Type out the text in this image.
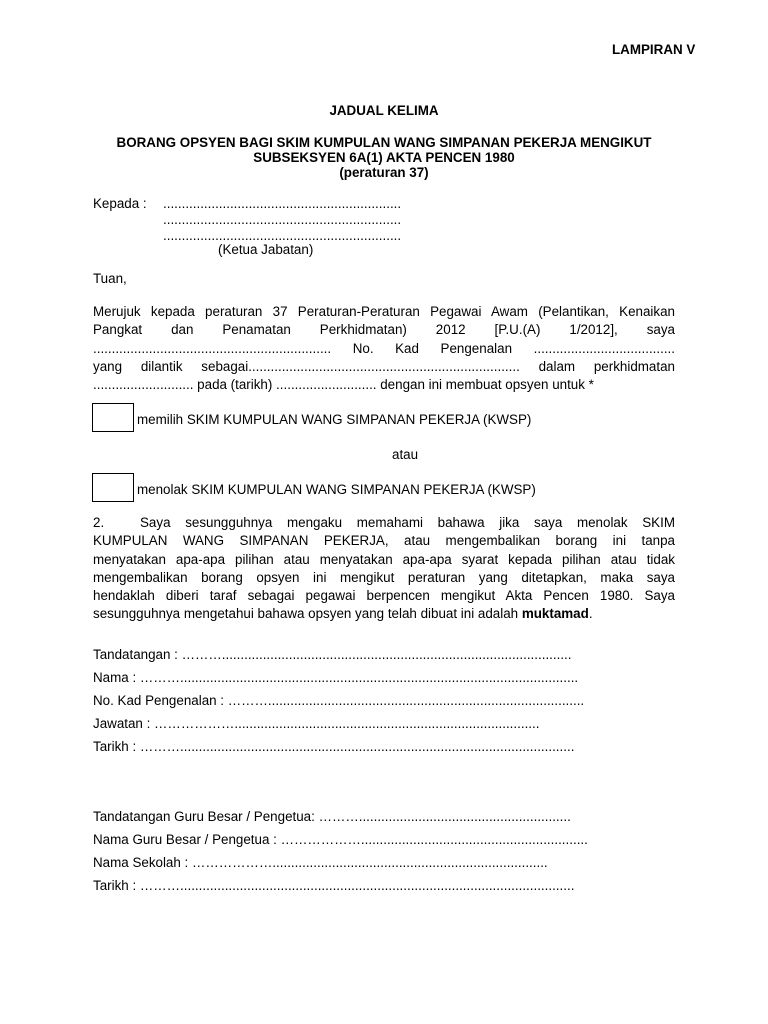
LAMPIRAN V
JADUAL KELIMA
BORANG OPSYEN BAGI SKIM KUMPULAN WANG SIMPANAN PEKERJA MENGIKUT
SUBSEKSYEN 6A(1) AKTA PENCEN 1980
(peraturan 37)
Kepada : ................................................................
................................................................
................................................................
(Ketua Jabatan)
Tuan,
Merujuk kepada peraturan 37 Peraturan-Peraturan Pegawai Awam (Pelantikan, Kenaikan
Pangkat dan Penamatan Perkhidmatan) 2012 [P.U.(A) 1/2012], saya
................................................................ No. Kad Pengenalan ......................................
yang dilantik sebagai......................................................................... dalam perkhidmatan
........................... pada (tarikh) ........................... dengan ini membuat opsyen untuk *
memilih SKIM KUMPULAN WANG SIMPANAN PEKERJA (KWSP)
atau
menolak SKIM KUMPULAN WANG SIMPANAN PEKERJA (KWSP)
2.	Saya sesungguhnya mengaku memahami bahawa jika saya menolak SKIM
KUMPULAN WANG SIMPANAN PEKERJA, atau mengembalikan borang ini tanpa
menyatakan apa-apa pilihan atau menyatakan apa-apa syarat kepada pilihan atau tidak
mengembalikan borang opsyen ini mengikut peraturan yang ditetapkan, maka saya
hendaklah diberi taraf sebagai pegawai berpencen mengikut Akta Pencen 1980. Saya
sesungguhnya mengetahui bahawa opsyen yang telah dibuat ini adalah muktamad.
Tandatangan : ………..............................................................................................
Nama : ………...........................................................................................................
No. Kad Pengenalan : ……….....................................................................................
Jawatan : ………………..................................................................................
Tarikh : ………..........................................................................................................
Tandatangan Guru Besar / Pengetua: ……….........................................................
Nama Guru Besar / Pengetua : ……………….............................................................
Nama Sekolah : ………………..........................................................................
Tarikh : ………..........................................................................................................
